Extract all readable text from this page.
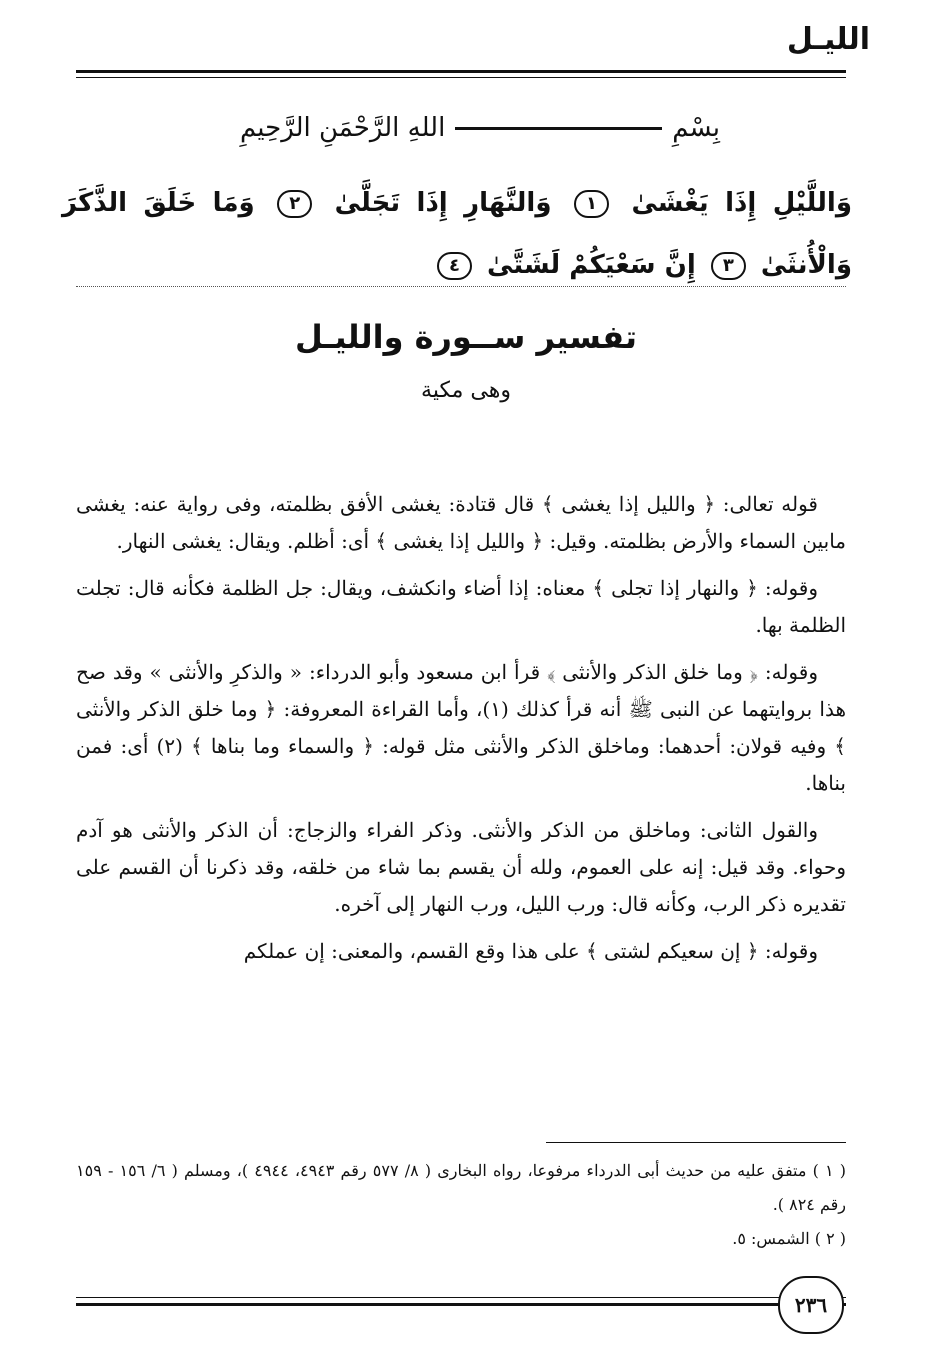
الليـل
بِسْمِ
اللهِ الرَّحْمَنِ الرَّحِيمِ
وَاللَّيْلِ إِذَا يَغْشَىٰ ١ وَالنَّهَارِ إِذَا تَجَلَّىٰ ٢ وَمَا خَلَقَ الذَّكَرَ وَالْأُنثَىٰ ٣ إِنَّ سَعْيَكُمْ لَشَتَّىٰ ٤
تفسير ســورة والليـل
وهى مكية

قوله تعالى: ﴿ والليل إذا يغشى ﴾ قال قتادة: يغشى الأفق بظلمته، وفى رواية عنه: يغشى مابين السماء والأرض بظلمته. وقيل: ﴿ والليل إذا يغشى ﴾ أى: أظلم. ويقال: يغشى النهار.

وقوله: ﴿ والنهار إذا تجلى ﴾ معناه: إذا أضاء وانكشف، ويقال: جل الظلمة فكأنه قال: تجلت الظلمة بها.

وقوله: ﴿ وما خلق الذكر والأنثى ﴾ قرأ ابن مسعود وأبو الدرداء: « والذكرِ والأنثى » وقد صح هذا بروايتهما عن النبى ﷺ أنه قرأ كذلك (١)، وأما القراءة المعروفة: ﴿ وما خلق الذكر والأنثى ﴾ وفيه قولان: أحدهما: وماخلق الذكر والأنثى مثل قوله: ﴿ والسماء وما بناها ﴾ (٢) أى: فمن بناها.

والقول الثانى: وماخلق من الذكر والأنثى. وذكر الفراء والزجاج: أن الذكر والأنثى هو آدم وحواء. وقد قيل: إنه على العموم، ولله أن يقسم بما شاء من خلقه، وقد ذكرنا أن القسم على تقديره ذكر الرب، وكأنه قال: ورب الليل، ورب النهار إلى آخره.

وقوله: ﴿ إن سعيكم لشتى ﴾ على هذا وقع القسم، والمعنى: إن عملكم

( ١ ) متفق عليه من حديث أبى الدرداء مرفوعا، رواه البخارى ( ٨/ ٥٧٧ رقم ٤٩٤٣، ٤٩٤٤ )، ومسلم ( ٦/ ١٥٦ - ١٥٩ رقم ٨٢٤ ).

( ٢ ) الشمس: ٥.

٢٣٦
